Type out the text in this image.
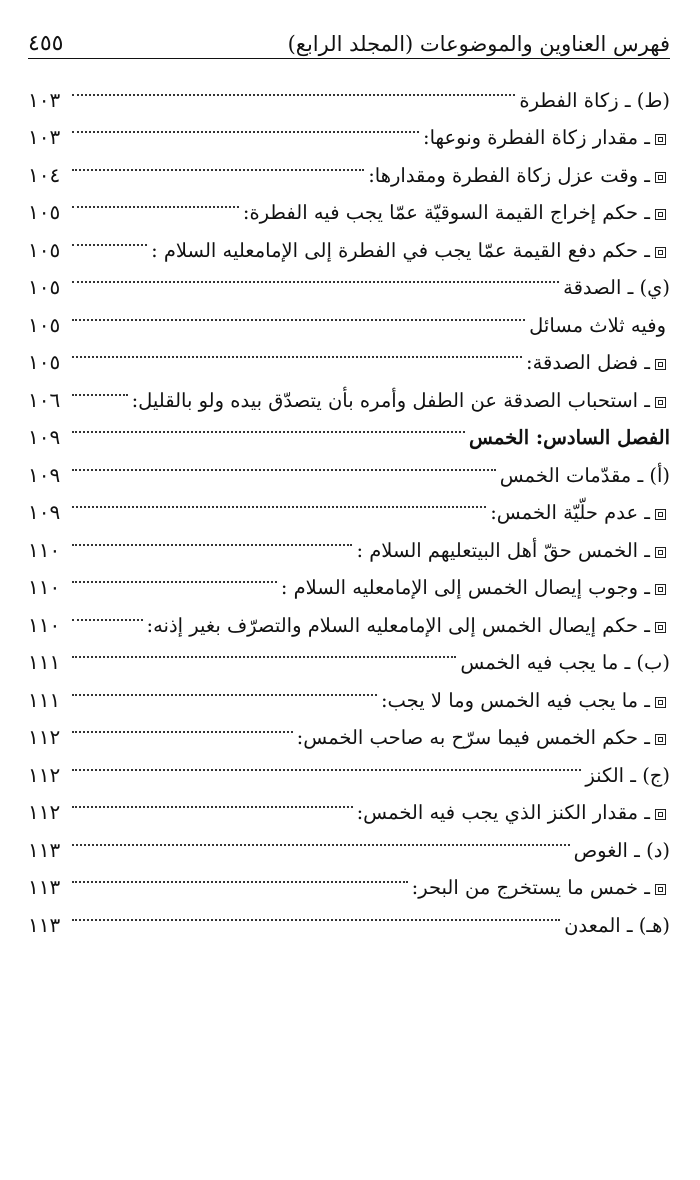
فهرس العناوين والموضوعات (المجلد الرابع)
٤٥٥
(ط) ـ زكاة الفطرة
١٠٣
ـ مقدار زكاة الفطرة ونوعها:
١٠٣
ـ وقت عزل زكاة الفطرة ومقدارها:
١٠٤
ـ حكم إخراج القيمة السوقيّة عمّا يجب فيه الفطرة:
١٠٥
ـ حكم دفع القيمة عمّا يجب في الفطرة إلى الإمامعليه السلام :
١٠٥
(ي) ـ الصدقة
١٠٥
وفيه ثلاث مسائل
١٠٥
ـ فضل الصدقة:
١٠٥
ـ استحباب الصدقة عن الطفل وأمره بأن يتصدّق بيده ولو بالقليل:
١٠٦
الفصل السادس: الخمس
١٠٩
(أ) ـ مقدّمات الخمس
١٠٩
ـ عدم حلّيّة الخمس:
١٠٩
ـ الخمس حقّ أهل البيتعليهم السلام :
١١٠
ـ وجوب إيصال الخمس إلى الإمامعليه السلام :
١١٠
ـ حكم إيصال الخمس إلى الإمامعليه السلام والتصرّف بغير إذنه:
١١٠
(ب) ـ ما يجب فيه الخمس
١١١
ـ ما يجب فيه الخمس وما لا يجب:
١١١
ـ حكم الخمس فيما سرّح به صاحب الخمس:
١١٢
(ج) ـ الكنز
١١٢
ـ مقدار الكنز الذي يجب فيه الخمس:
١١٢
(د) ـ الغوص
١١٣
ـ خمس ما يستخرج من البحر:
١١٣
(هـ) ـ المعدن
١١٣
